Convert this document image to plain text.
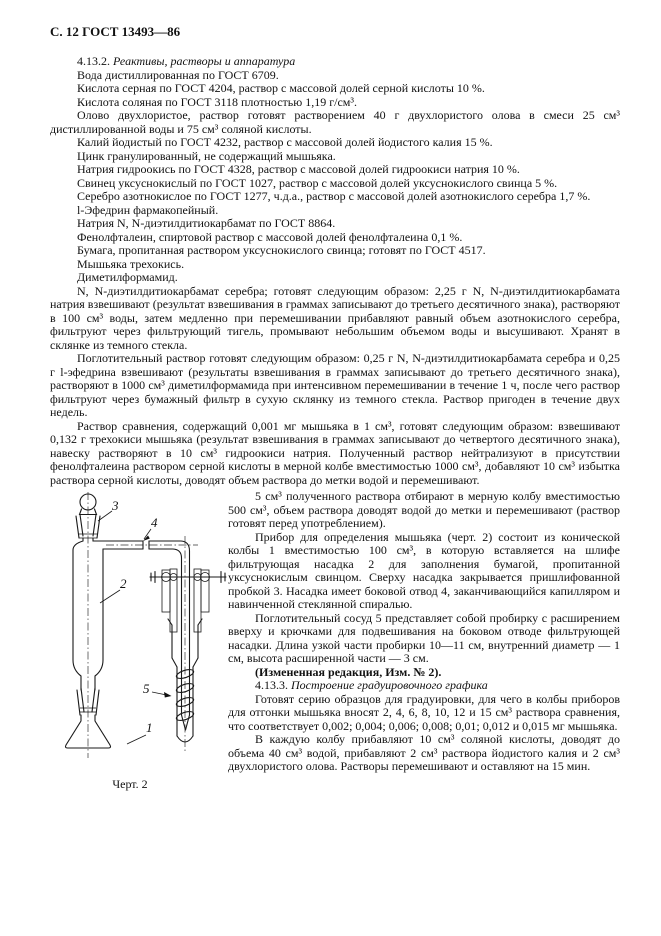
С. 12 ГОСТ 13493—86

4.13.2. Реактивы, растворы и аппаратура

Вода дистиллированная по ГОСТ 6709.

Кислота серная по ГОСТ 4204, раствор с массовой долей серной кислоты 10 %.

Кислота соляная по ГОСТ 3118 плотностью 1,19 г/см³.

Олово двухлористое, раствор готовят растворением 40 г двухлористого олова в смеси 25 см³ дистиллированной воды и 75 см³ соляной кислоты.

Калий йодистый по ГОСТ 4232, раствор с массовой долей йодистого калия 15 %.

Цинк гранулированный, не содержащий мышьяка.

Натрия гидроокись по ГОСТ 4328, раствор с массовой долей гидроокиси натрия 10 %.

Свинец уксуснокислый по ГОСТ 1027, раствор с массовой долей уксуснокислого свинца 5 %.

Серебро азотнокислое по ГОСТ 1277, ч.д.а., раствор с массовой долей азотнокислого серебра 1,7 %.

l-Эфедрин фармакопейный.

Натрия N, N-диэтилдитиокарбамат по ГОСТ 8864.

Фенолфталеин, спиртовой раствор с массовой долей фенолфталеина 0,1 %.

Бумага, пропитанная раствором уксуснокислого свинца; готовят по ГОСТ 4517.

Мышьяка трехокись.

Диметилформамид.

N, N-диэтилдитиокарбамат серебра; готовят следующим образом: 2,25 г N, N-диэтилдитиокарбамата натрия взвешивают (результат взвешивания в граммах записывают до третьего десятичного знака), растворяют в 100 см³ воды, затем медленно при перемешивании прибавляют равный объем азотнокислого серебра, фильтруют через фильтрующий тигель, промывают небольшим объемом воды и высушивают. Хранят в склянке из темного стекла.

Поглотительный раствор готовят следующим образом: 0,25 г N, N-диэтилдитиокарбамата серебра и 0,25 г l-эфедрина взвешивают (результаты взвешивания в граммах записывают до третьего десятичного знака), растворяют в 1000 см³ диметилформамида при интенсивном перемешивании в течение 1 ч, после чего раствор фильтруют через бумажный фильтр в сухую склянку из темного стекла. Раствор пригоден в течение двух недель.

Раствор сравнения, содержащий 0,001 мг мышьяка в 1 см³, готовят следующим образом: взвешивают 0,132 г трехокиси мышьяка (результат взвешивания в граммах записывают до четвертого десятичного знака), навеску растворяют в 10 см³ гидроокиси натрия. Полученный раствор нейтрализуют в присутствии фенолфталеина раствором серной кислоты в мерной колбе вместимостью 1000 см³, добавляют 10 см³ избытка раствора серной кислоты, доводят объем раствора до метки водой и перемешивают.

3
4
2
5
1
Черт. 2

5 см³ полученного раствора отбирают в мерную колбу вместимостью 500 см³, объем раствора доводят водой до метки и перемешивают (раствор готовят перед употреблением).

Прибор для определения мышьяка (черт. 2) состоит из конической колбы 1 вместимостью 100 см³, в которую вставляется на шлифе фильтрующая насадка 2 для заполнения бумагой, пропитанной уксуснокислым свинцом. Сверху насадка закрывается пришлифованной пробкой 3. Насадка имеет боковой отвод 4, заканчивающийся капилляром и навинченной стеклянной спиралью.

Поглотительный сосуд 5 представляет собой пробирку с расширением вверху и крючками для подвешивания на боковом отводе фильтрующей насадки. Длина узкой части пробирки 10—11 см, внутренний диаметр — 1 см, высота расширенной части — 3 см.

(Измененная редакция, Изм. № 2).

4.13.3. Построение градуировочного графика

Готовят серию образцов для градуировки, для чего в колбы приборов для отгонки мышьяка вносят 2, 4, 6, 8, 10, 12 и 15 см³ раствора сравнения, что соответствует 0,002; 0,004; 0,006; 0,008; 0,01; 0,012 и 0,015 мг мышьяка.

В каждую колбу прибавляют 10 см³ соляной кислоты, доводят до объема 40 см³ водой, прибавляют 2 см³ раствора йодистого калия и 2 см³ двухлористого олова. Растворы перемешивают и оставляют на 15 мин.
